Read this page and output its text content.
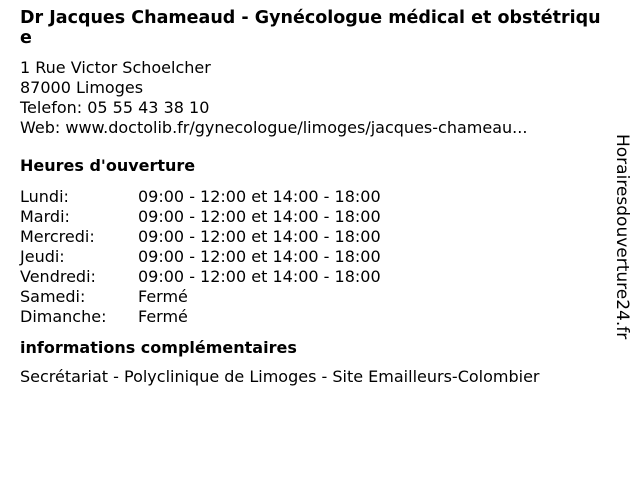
Dr Jacques Chameaud - Gynécologue médical et obstétrique
1 Rue Victor Schoelcher
87000 Limoges
Telefon: 05 55 43 38 10
Web: www.doctolib.fr/gynecologue/limoges/jacques-chameau...
Heures d'ouverture
Lundi:	09:00 - 12:00 et 14:00 - 18:00
Mardi:	09:00 - 12:00 et 14:00 - 18:00
Mercredi:	09:00 - 12:00 et 14:00 - 18:00
Jeudi:	09:00 - 12:00 et 14:00 - 18:00
Vendredi:	09:00 - 12:00 et 14:00 - 18:00
Samedi:	Fermé
Dimanche:	Fermé
informations complémentaires
Secrétariat - Polyclinique de Limoges - Site Emailleurs-Colombier
Horairesdouverture24.fr
